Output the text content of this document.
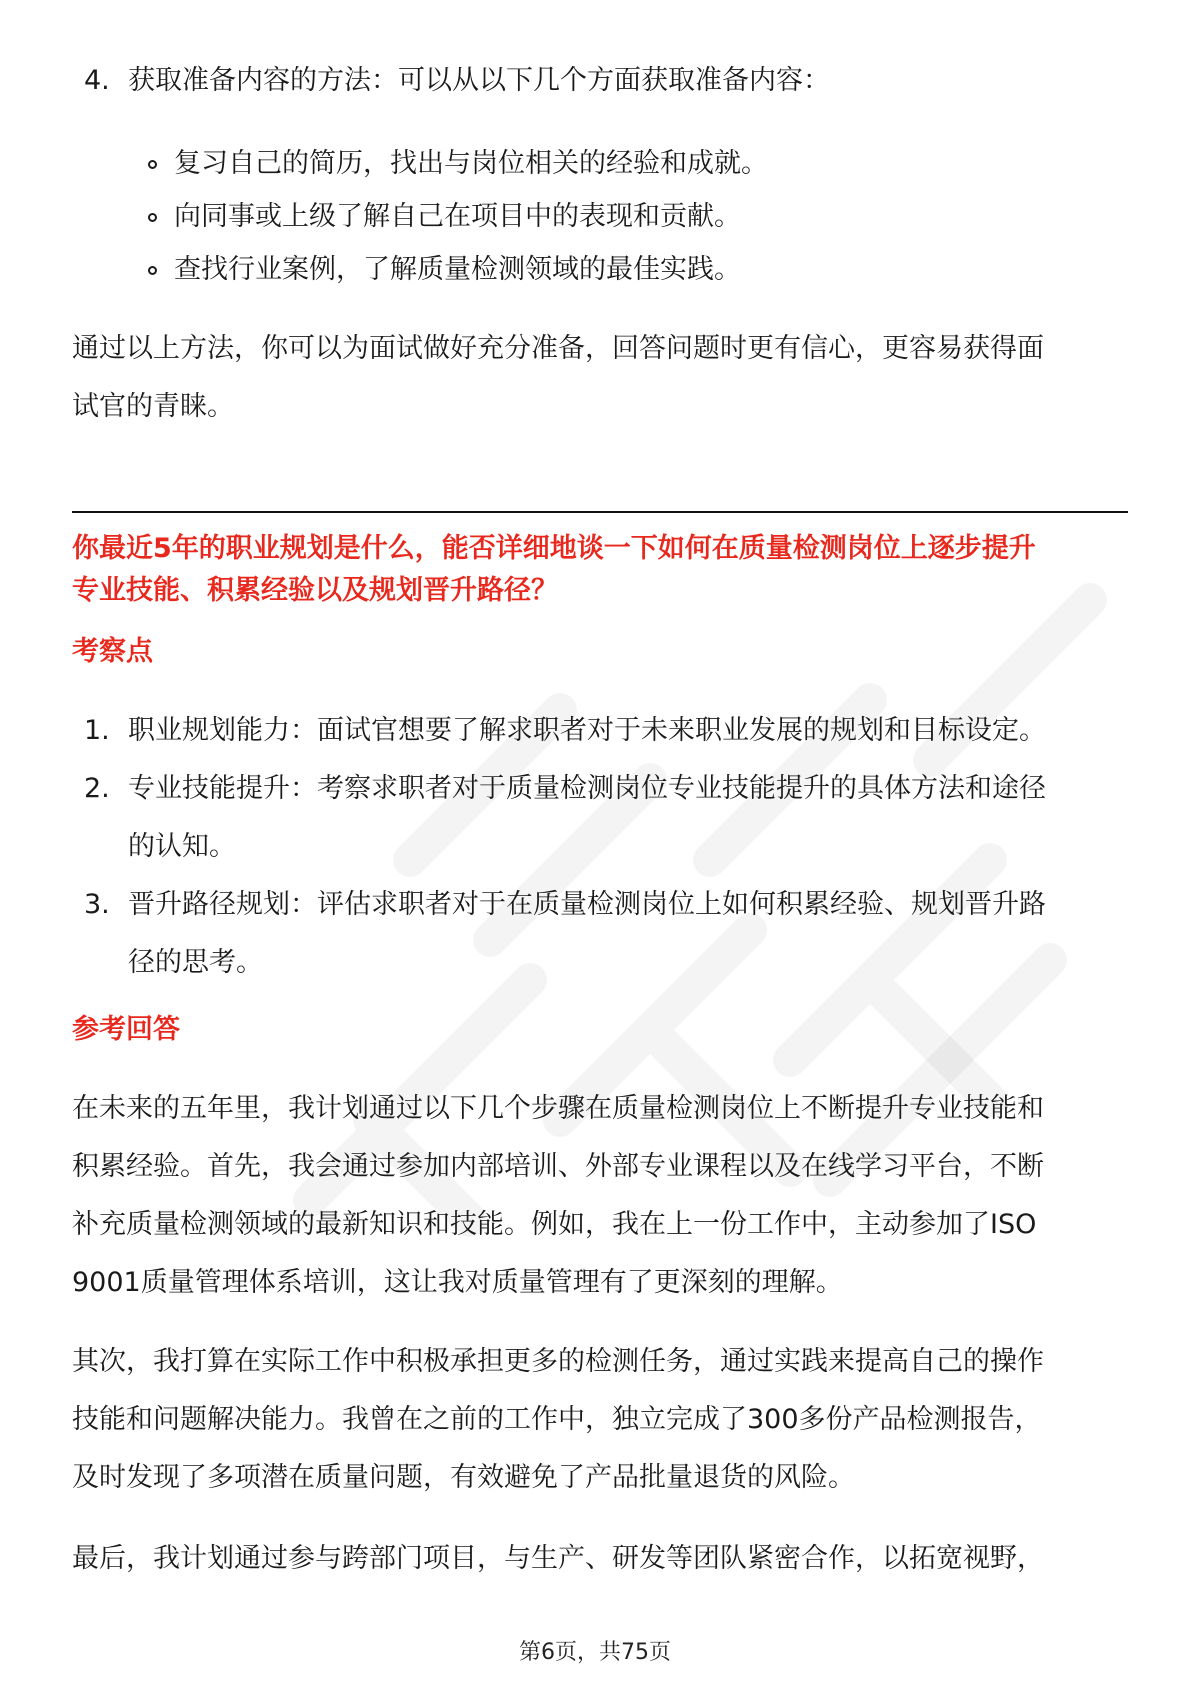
4. 获取准备内容的方法：可以从以下几个方面获取准备内容：
复习自己的简历，找出与岗位相关的经验和成就。
向同事或上级了解自己在项目中的表现和贡献。
查找行业案例，了解质量检测领域的最佳实践。
通过以上方法，你可以为面试做好充分准备，回答问题时更有信心，更容易获得面
试官的青睐。
你最近5年的职业规划是什么，能否详细地谈一下如何在质量检测岗位上逐步提升
专业技能、积累经验以及规划晋升路径？
考察点
1. 职业规划能力：面试官想要了解求职者对于未来职业发展的规划和目标设定。
2. 专业技能提升：考察求职者对于质量检测岗位专业技能提升的具体方法和途径
的认知。
3. 晋升路径规划：评估求职者对于在质量检测岗位上如何积累经验、规划晋升路
径的思考。
参考回答
在未来的五年里，我计划通过以下几个步骤在质量检测岗位上不断提升专业技能和
积累经验。首先，我会通过参加内部培训、外部专业课程以及在线学习平台，不断
补充质量检测领域的最新知识和技能。例如，我在上一份工作中，主动参加了ISO
9001质量管理体系培训，这让我对质量管理有了更深刻的理解。
其次，我打算在实际工作中积极承担更多的检测任务，通过实践来提高自己的操作
技能和问题解决能力。我曾在之前的工作中，独立完成了300多份产品检测报告，
及时发现了多项潜在质量问题，有效避免了产品批量退货的风险。
最后，我计划通过参与跨部门项目，与生产、研发等团队紧密合作，以拓宽视野，
第6页，共75页
